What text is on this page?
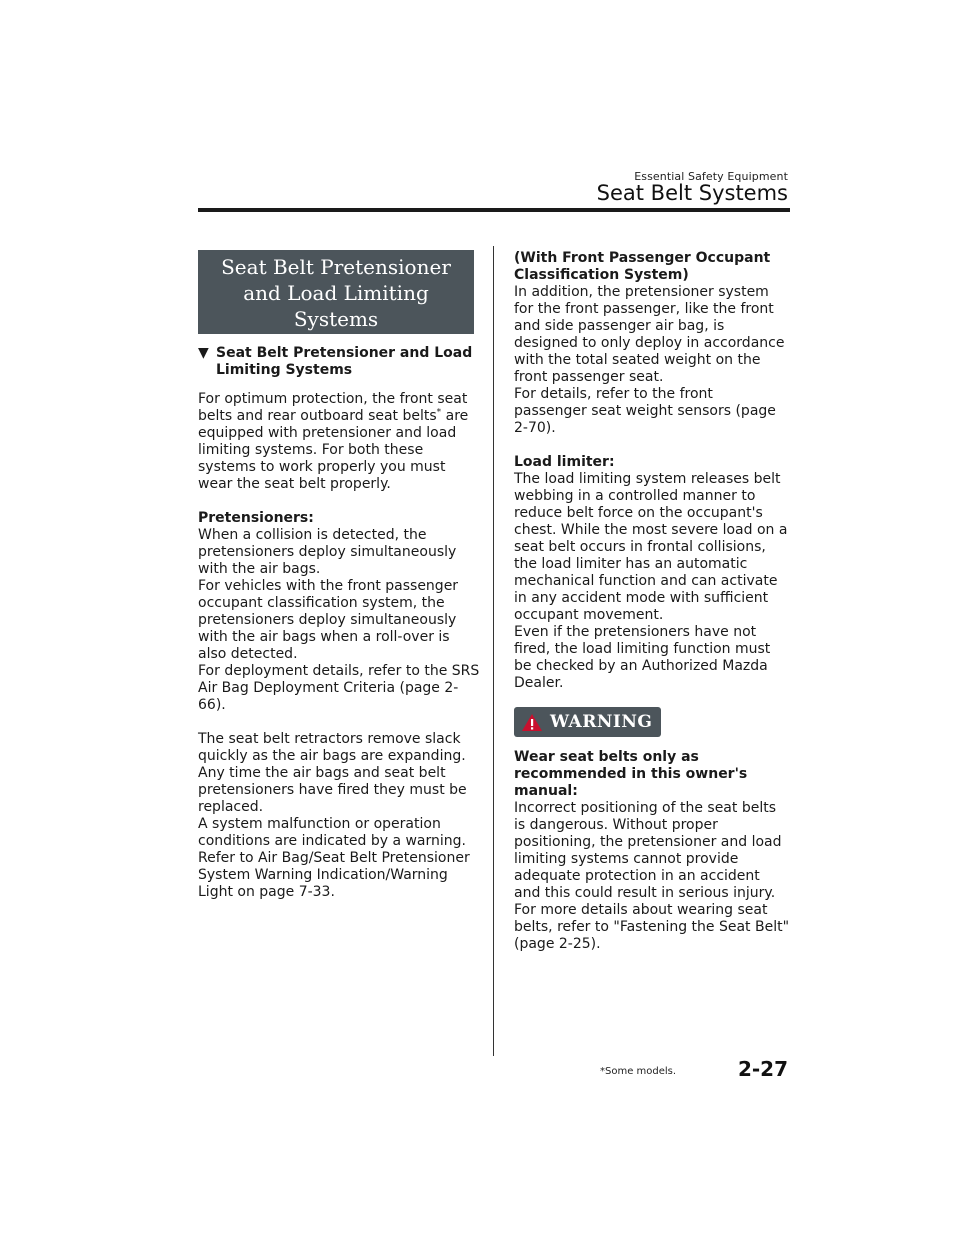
Essential Safety Equipment
Seat Belt Systems
Seat Belt Pretensioner and Load Limiting Systems
▼ Seat Belt Pretensioner and Load
Limiting Systems

For optimum protection, the front seat belts and rear outboard seat belts* are equipped with pretensioner and load limiting systems. For both these systems to work properly you must wear the seat belt properly.

Pretensioners:
When a collision is detected, the pretensioners deploy simultaneously with the air bags.
For vehicles with the front passenger occupant classification system, the pretensioners deploy simultaneously with the air bags when a roll-over is also detected.
For deployment details, refer to the SRS Air Bag Deployment Criteria (page 2-66).

The seat belt retractors remove slack quickly as the air bags are expanding. Any time the air bags and seat belt pretensioners have fired they must be replaced.
A system malfunction or operation conditions are indicated by a warning. Refer to Air Bag/Seat Belt Pretensioner System Warning Indication/Warning Light on page 7-33.

(With Front Passenger Occupant Classification System)
In addition, the pretensioner system for the front passenger, like the front and side passenger air bag, is designed to only deploy in accordance with the total seated weight on the front passenger seat.
For details, refer to the front passenger seat weight sensors (page 2-70).

Load limiter:
The load limiting system releases belt webbing in a controlled manner to reduce belt force on the occupant's chest. While the most severe load on a seat belt occurs in frontal collisions, the load limiter has an automatic mechanical function and can activate in any accident mode with sufficient occupant movement.
Even if the pretensioners have not fired, the load limiting function must be checked by an Authorized Mazda Dealer.

WARNING

Wear seat belts only as recommended in this owner's manual:
Incorrect positioning of the seat belts is dangerous. Without proper positioning, the pretensioner and load limiting systems cannot provide adequate protection in an accident and this could result in serious injury.
For more details about wearing seat belts, refer to "Fastening the Seat Belt" (page 2-25).

*Some models.	2-27
